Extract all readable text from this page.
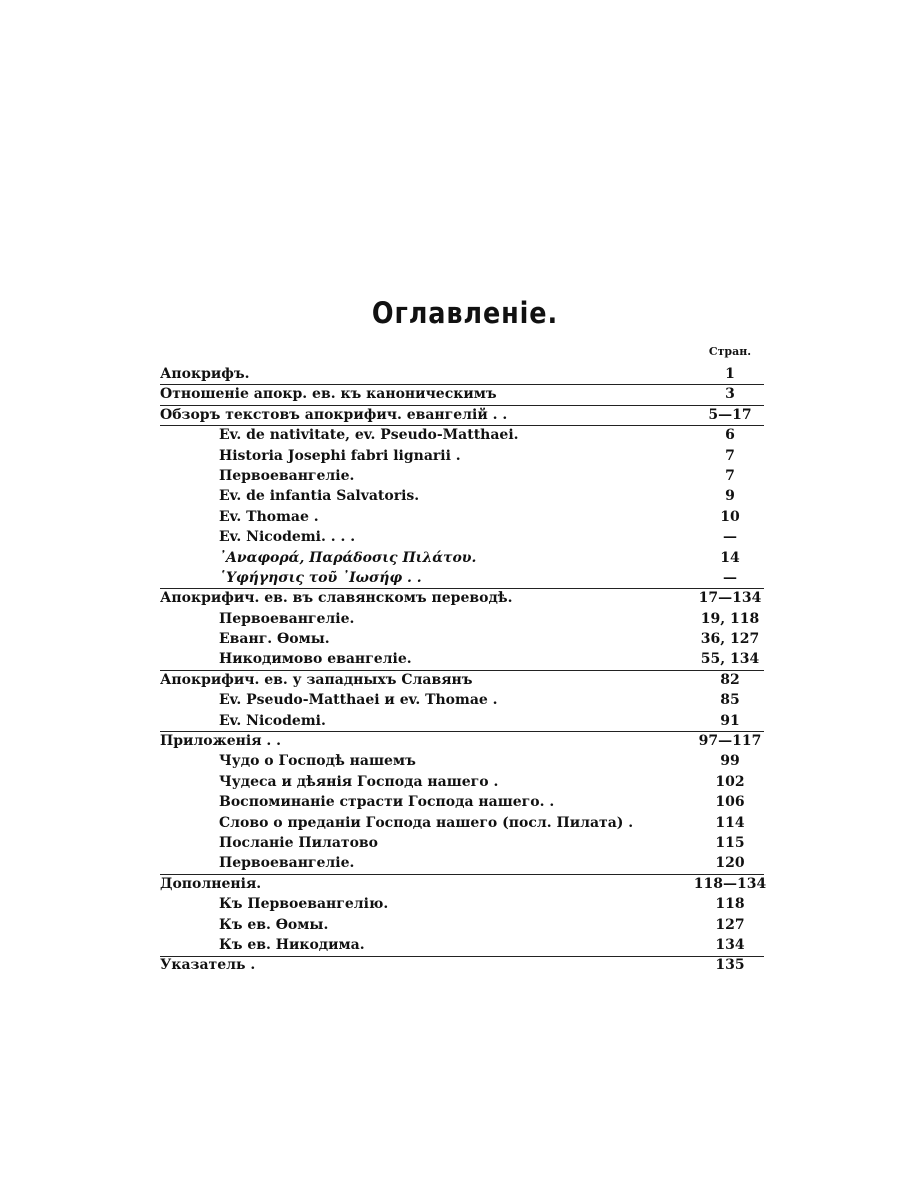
Оглавленіе.
Стран.
Апокрифъ.	1
Отношеніе апокр. ев. къ каноническимъ	3
Обзоръ текстовъ апокрифич. евангелій . .	5—17
Ev. de nativitate, ev. Pseudo-Matthaei.	6
Historia Josephi fabri lignarii .	7
Первоевангеліе.	7
Ev. de infantia Salvatoris.	9
Ev. Thomae .	10
Ev. Nicodemi. . . .	—
᾿Αναφορά, Παράδοσις Πιλάτου.	14
῾Υφήγησις τοῦ ᾿Ιωσήφ . .	—
Апокрифич. ев. въ славянскомъ переводѣ.	17—134
Первоевангеліе.	19, 118
Еванг. Ѳомы.	36, 127
Никодимово евангеліе.	55, 134
Апокрифич. ев. у западныхъ Славянъ	82
Ev. Pseudo-Matthaei и ev. Thomae .	85
Ev. Nicodemi.	91
Приложенія . .	97—117
Чудо о Господѣ нашемъ	99
Чудеса и дѣянія Господа нашего .	102
Воспоминаніе страсти Господа нашего. .	106
Слово о преданіи Господа нашего (посл. Пилата) .	114
Посланіе Пилатово	115
Первоевангеліе.	120
Дополненія.	118—134
Къ Первоевангелію.	118
Къ ев. Ѳомы.	127
Къ ев. Никодима.	134
Указатель .	135
